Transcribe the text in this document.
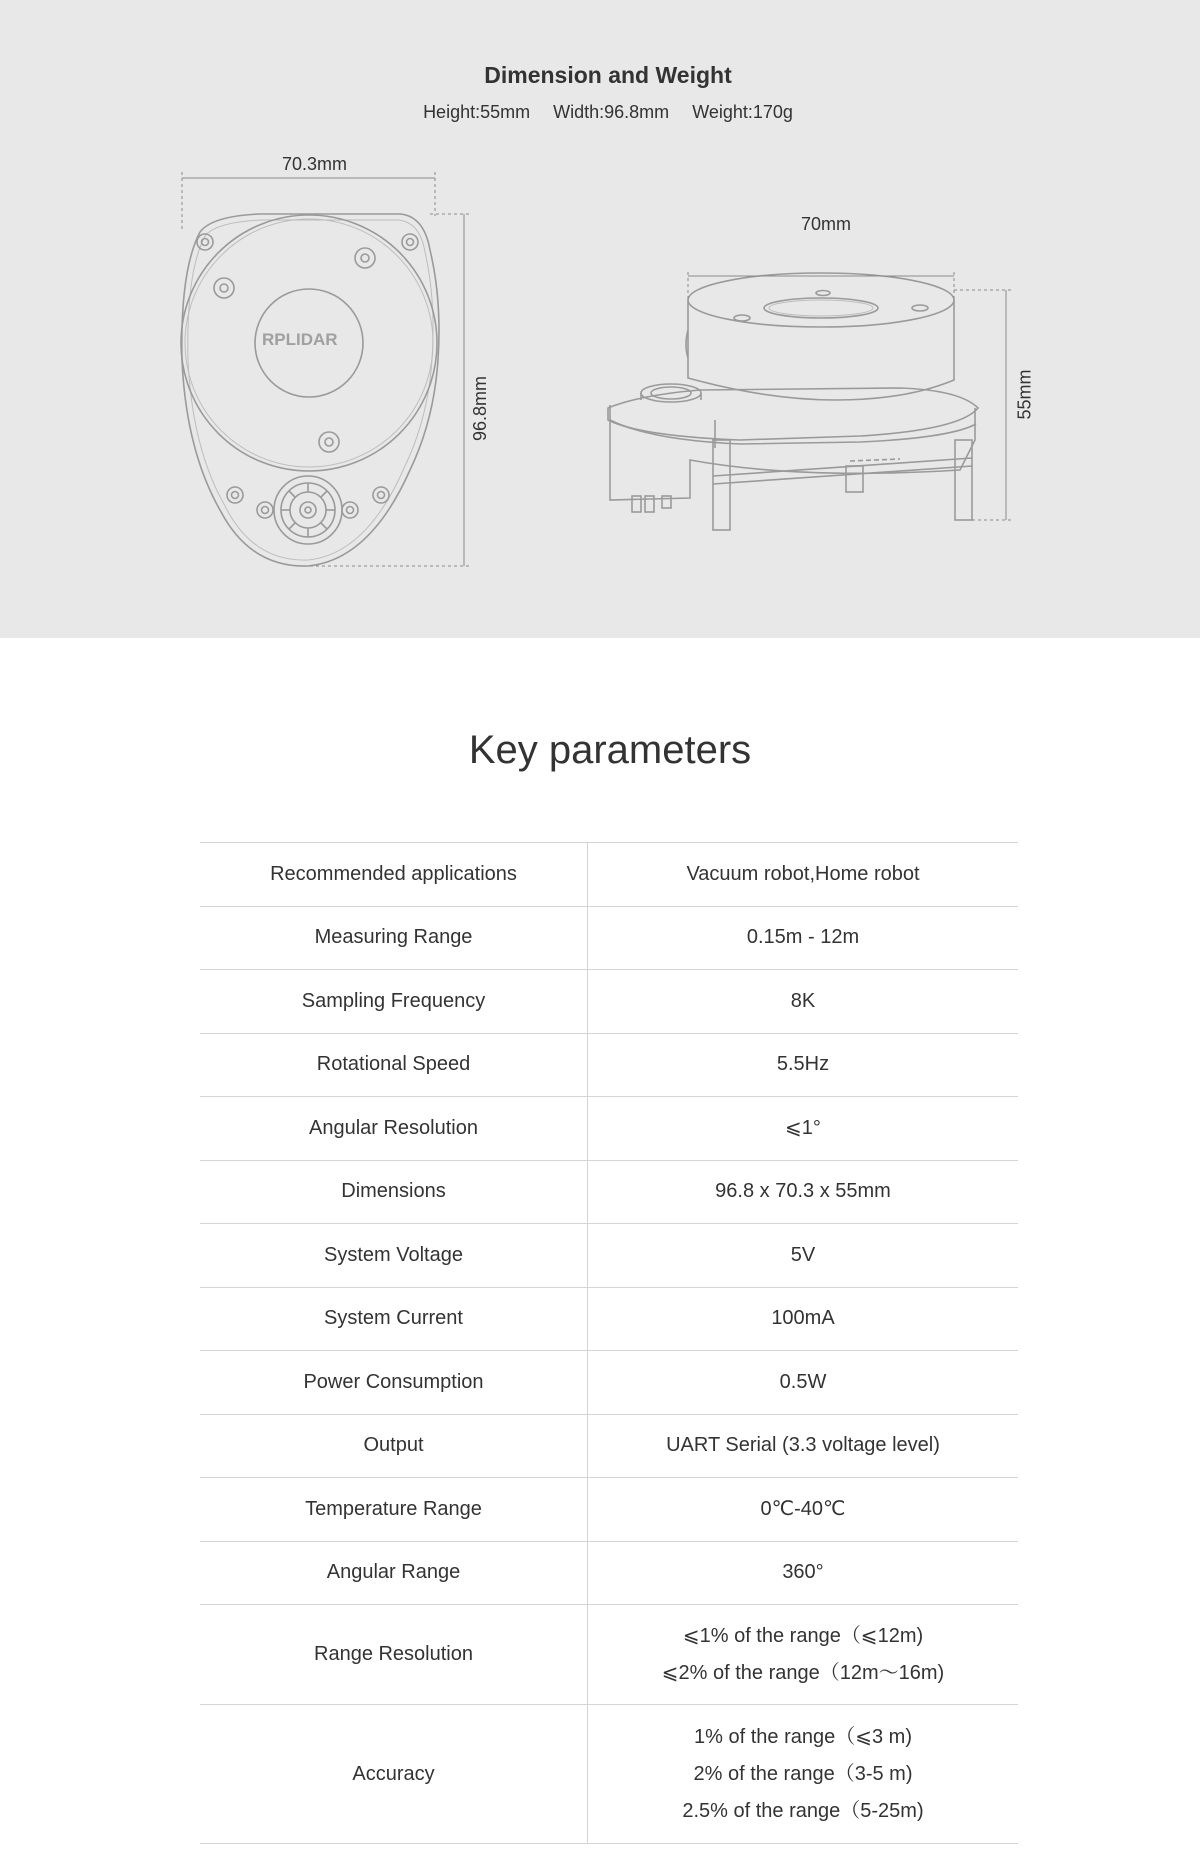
Dimension and Weight
Height:55mm Width:96.8mm Weight:170g
70.3mm
96.8mm
RPLIDAR
70mm
55mm
Key parameters
Recommended applications	Vacuum robot,Home robot

Measuring Range	0.15m - 12m

Sampling Frequency	8K

Rotational Speed	5.5Hz

Angular Resolution	⩽1°

Dimensions	96.8 x 70.3 x 55mm

System Voltage	5V

System Current	100mA

Power Consumption	0.5W

Output	UART Serial (3.3 voltage level)

Temperature Range	0℃-40℃

Angular Range	360°

Range Resolution	⩽1% of the range（⩽12m)
⩽2% of the range（12m～16m)

Accuracy	1% of the range（⩽3 m)
2% of the range（3-5 m)
2.5% of the range（5-25m)
